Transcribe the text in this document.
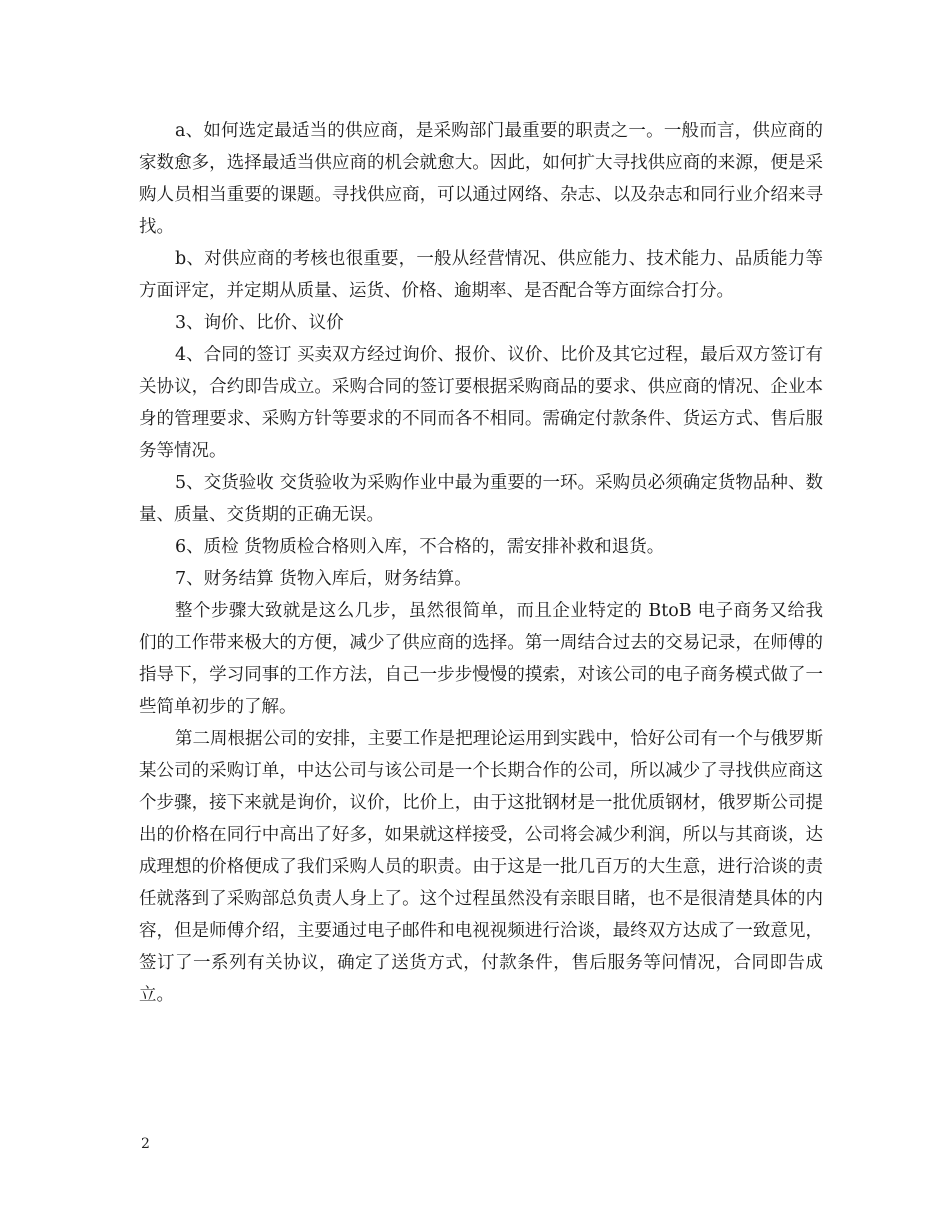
a、如何选定最适当的供应商，是采购部门最重要的职责之一。一般而言，供应商的家数愈多，选择最适当供应商的机会就愈大。因此，如何扩大寻找供应商的来源，便是采购人员相当重要的课题。寻找供应商，可以通过网络、杂志、以及杂志和同行业介绍来寻找。

b、对供应商的考核也很重要，一般从经营情况、供应能力、技术能力、品质能力等方面评定，并定期从质量、运货、价格、逾期率、是否配合等方面综合打分。

3、询价、比价、议价

4、合同的签订 买卖双方经过询价、报价、议价、比价及其它过程，最后双方签订有关协议，合约即告成立。采购合同的签订要根据采购商品的要求、供应商的情况、企业本身的管理要求、采购方针等要求的不同而各不相同。需确定付款条件、货运方式、售后服务等情况。

5、交货验收 交货验收为采购作业中最为重要的一环。采购员必须确定货物品种、数量、质量、交货期的正确无误。

6、质检 货物质检合格则入库，不合格的，需安排补救和退货。

7、财务结算 货物入库后，财务结算。

整个步骤大致就是这么几步，虽然很简单，而且企业特定的 BtoB 电子商务又给我们的工作带来极大的方便，减少了供应商的选择。第一周结合过去的交易记录，在师傅的指导下，学习同事的工作方法，自己一步步慢慢的摸索，对该公司的电子商务模式做了一些简单初步的了解。

第二周根据公司的安排，主要工作是把理论运用到实践中，恰好公司有一个与俄罗斯某公司的采购订单，中达公司与该公司是一个长期合作的公司，所以减少了寻找供应商这个步骤，接下来就是询价，议价，比价上，由于这批钢材是一批优质钢材，俄罗斯公司提出的价格在同行中高出了好多，如果就这样接受，公司将会减少利润，所以与其商谈，达成理想的价格便成了我们采购人员的职责。由于这是一批几百万的大生意，进行洽谈的责任就落到了采购部总负责人身上了。这个过程虽然没有亲眼目睹，也不是很清楚具体的内容，但是师傅介绍，主要通过电子邮件和电视视频进行洽谈，最终双方达成了一致意见，签订了一系列有关协议，确定了送货方式，付款条件，售后服务等问情况，合同即告成立。

2
